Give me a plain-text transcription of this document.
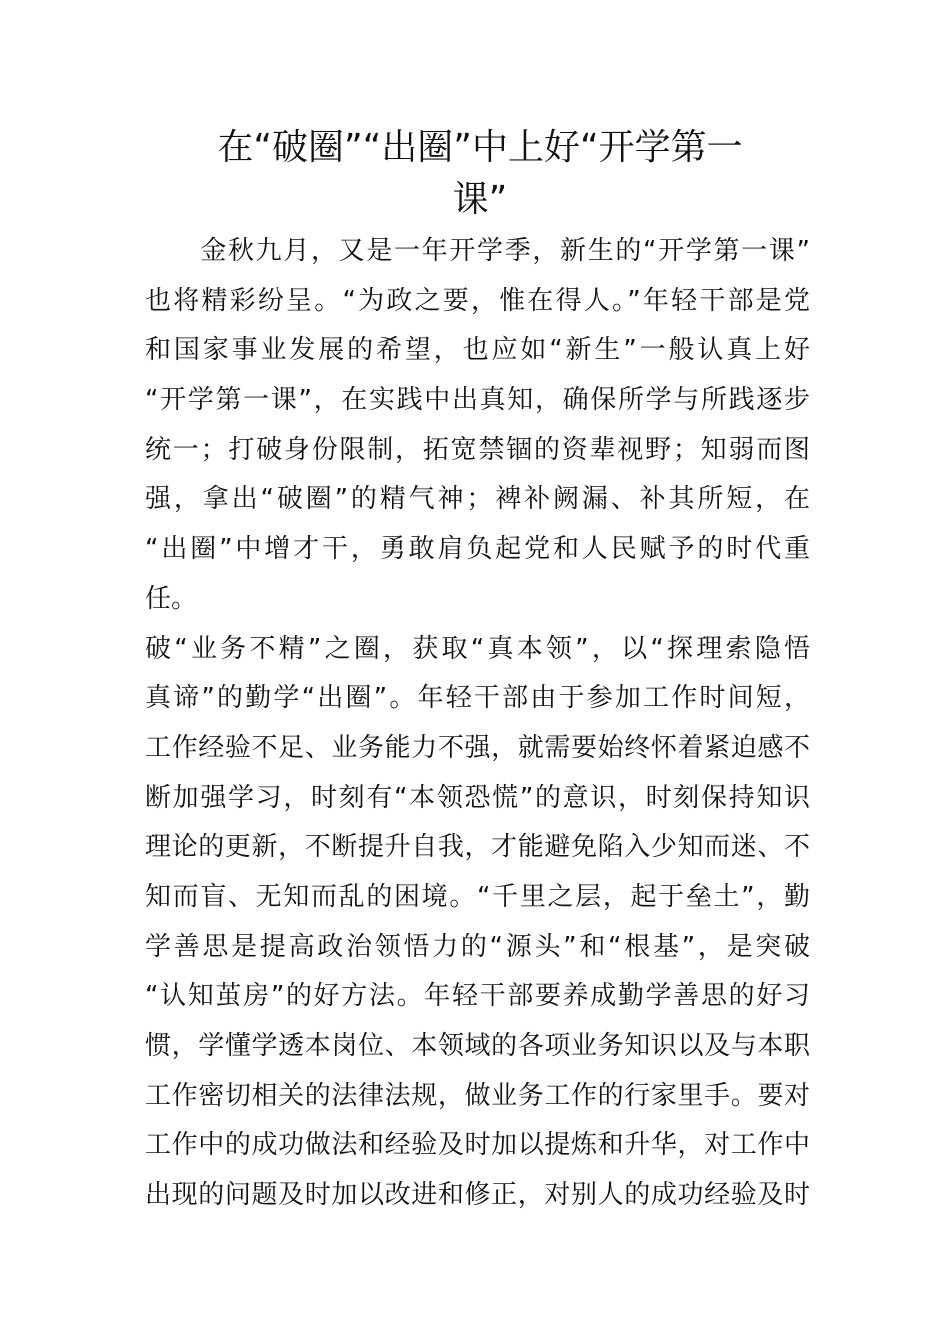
在“破圈”“出圈”中上好“开学第一
课”
　　金秋九月，又是一年开学季，新生的“开学第一课”
也将精彩纷呈。“为政之要，惟在得人。”年轻干部是党
和国家事业发展的希望，也应如“新生”一般认真上好
“开学第一课”，在实践中出真知，确保所学与所践逐步
统一；打破身份限制，拓宽禁锢的资辈视野；知弱而图
强，拿出“破圈”的精气神；裨补阙漏、补其所短，在
“出圈”中增才干，勇敢肩负起党和人民赋予的时代重
任。
破“业务不精”之圈，获取“真本领”，以“探理索隐悟
真谛”的勤学“出圈”。年轻干部由于参加工作时间短，
工作经验不足、业务能力不强，就需要始终怀着紧迫感不
断加强学习，时刻有“本领恐慌”的意识，时刻保持知识
理论的更新，不断提升自我，才能避免陷入少知而迷、不
知而盲、无知而乱的困境。“千里之层，起于垒土”，勤
学善思是提高政治领悟力的“源头”和“根基”，是突破
“认知茧房”的好方法。年轻干部要养成勤学善思的好习
惯，学懂学透本岗位、本领域的各项业务知识以及与本职
工作密切相关的法律法规，做业务工作的行家里手。要对
工作中的成功做法和经验及时加以提炼和升华，对工作中
出现的问题及时加以改进和修正，对别人的成功经验及时
